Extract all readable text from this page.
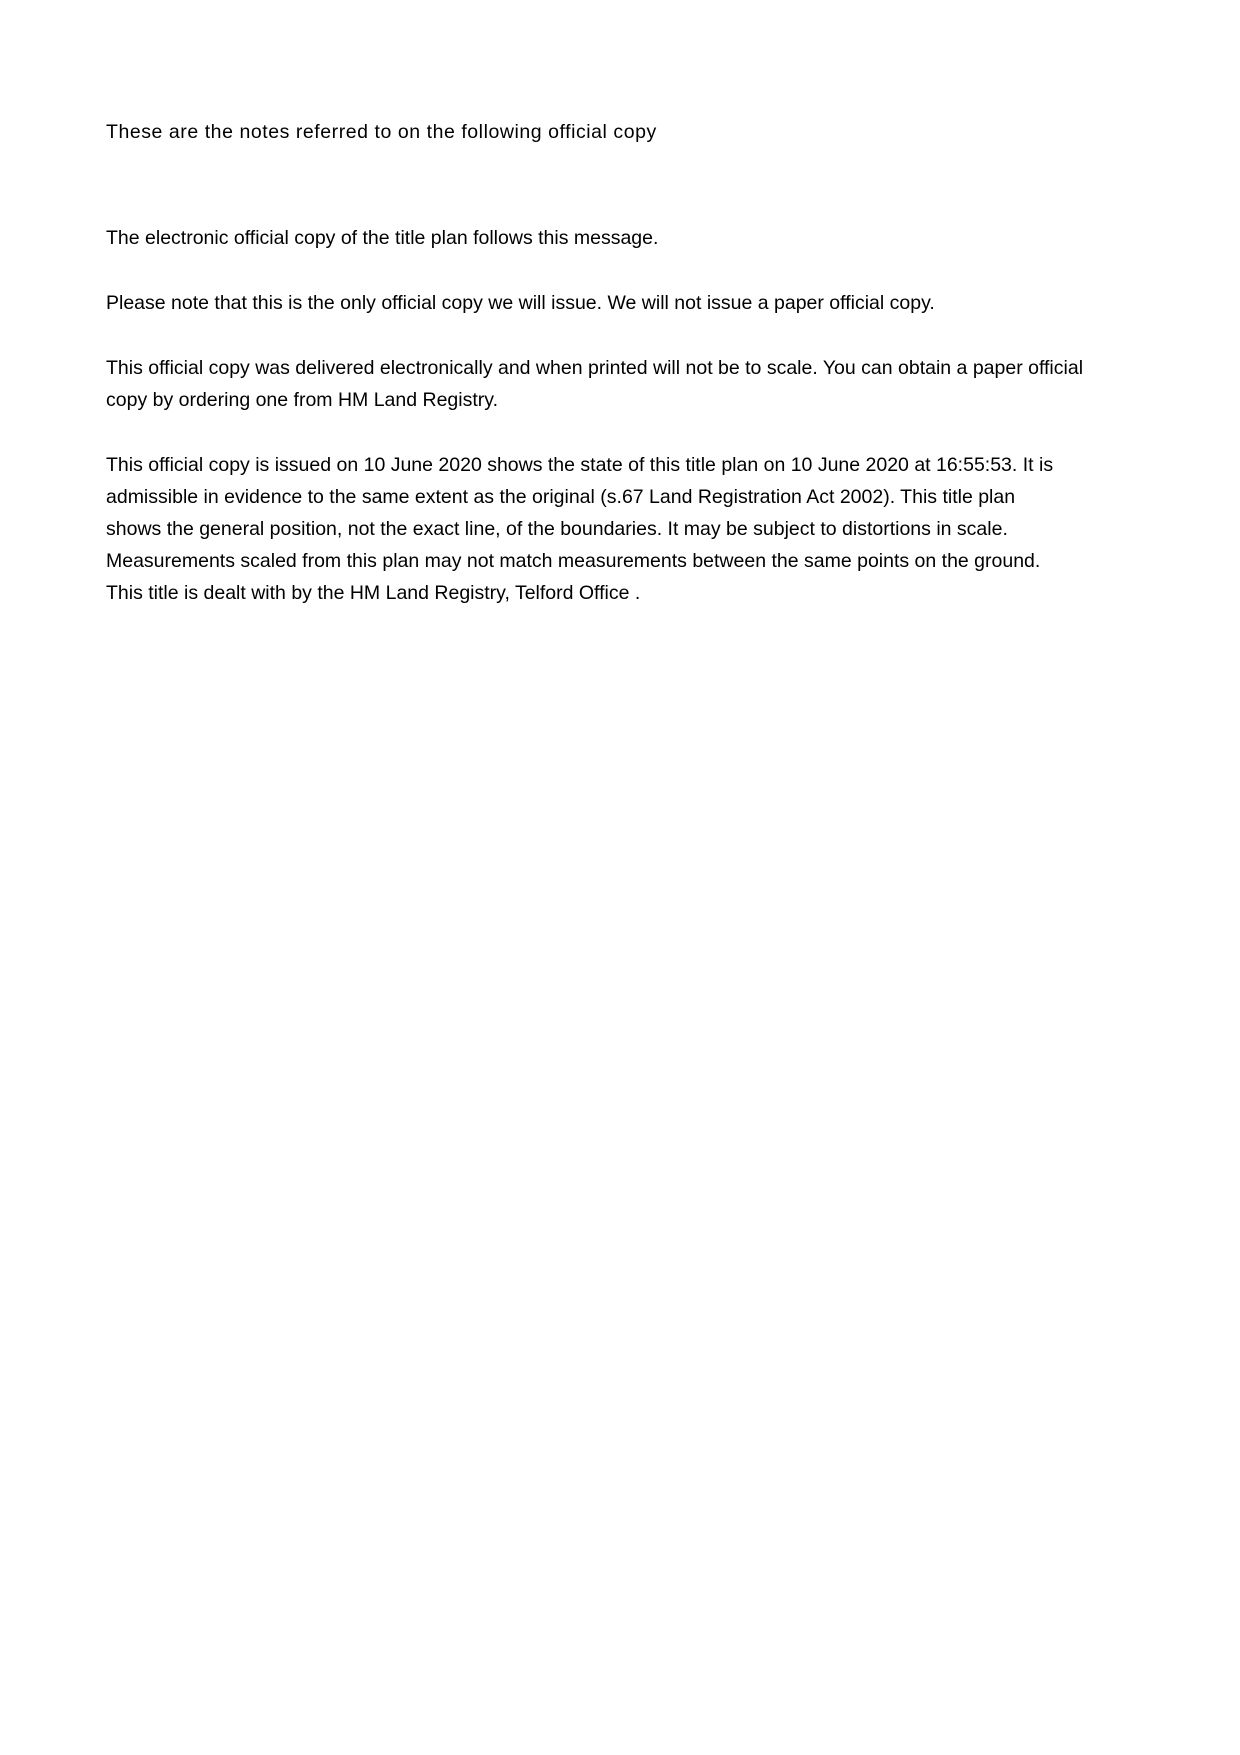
These are the notes referred to on the following official copy

The electronic official copy of the title plan follows this message.

Please note that this is the only official copy we will issue. We will not issue a paper official copy.

This official copy was delivered electronically and when printed will not be to scale. You can obtain a paper official copy by ordering one from HM Land Registry.

This official copy is issued on 10 June 2020 shows the state of this title plan on 10 June 2020 at 16:55:53. It is
admissible in evidence to the same extent as the original (s.67 Land Registration Act 2002). This title plan
shows the general position, not the exact line, of the boundaries. It may be subject to distortions in scale.
Measurements scaled from this plan may not match measurements between the same points on the ground.
This title is dealt with by the HM Land Registry, Telford Office .
